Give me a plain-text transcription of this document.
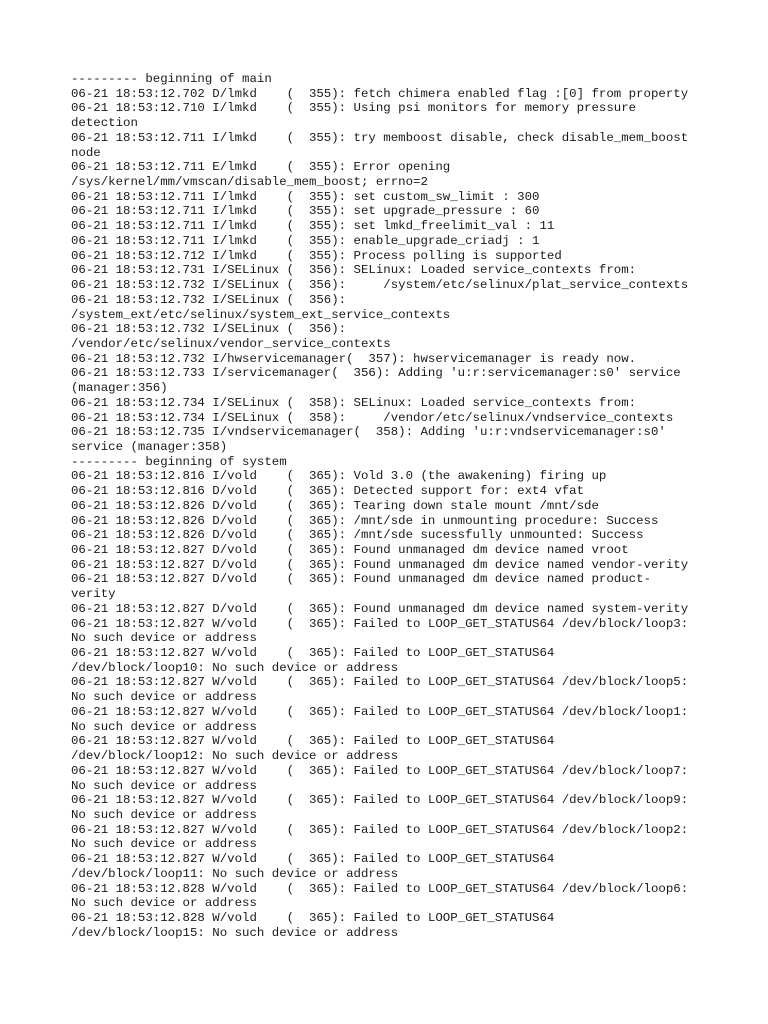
--------- beginning of main
06-21 18:53:12.702 D/lmkd    (  355): fetch chimera enabled flag :[0] from property
06-21 18:53:12.710 I/lmkd    (  355): Using psi monitors for memory pressure
detection
06-21 18:53:12.711 I/lmkd    (  355): try memboost disable, check disable_mem_boost
node
06-21 18:53:12.711 E/lmkd    (  355): Error opening
/sys/kernel/mm/vmscan/disable_mem_boost; errno=2
06-21 18:53:12.711 I/lmkd    (  355): set custom_sw_limit : 300
06-21 18:53:12.711 I/lmkd    (  355): set upgrade_pressure : 60
06-21 18:53:12.711 I/lmkd    (  355): set lmkd_freelimit_val : 11
06-21 18:53:12.711 I/lmkd    (  355): enable_upgrade_criadj : 1
06-21 18:53:12.712 I/lmkd    (  355): Process polling is supported
06-21 18:53:12.731 I/SELinux (  356): SELinux: Loaded service_contexts from:
06-21 18:53:12.732 I/SELinux (  356):     /system/etc/selinux/plat_service_contexts
06-21 18:53:12.732 I/SELinux (  356):
/system_ext/etc/selinux/system_ext_service_contexts
06-21 18:53:12.732 I/SELinux (  356):
/vendor/etc/selinux/vendor_service_contexts
06-21 18:53:12.732 I/hwservicemanager(  357): hwservicemanager is ready now.
06-21 18:53:12.733 I/servicemanager(  356): Adding 'u:r:servicemanager:s0' service
(manager:356)
06-21 18:53:12.734 I/SELinux (  358): SELinux: Loaded service_contexts from:
06-21 18:53:12.734 I/SELinux (  358):     /vendor/etc/selinux/vndservice_contexts
06-21 18:53:12.735 I/vndservicemanager(  358): Adding 'u:r:vndservicemanager:s0'
service (manager:358)
--------- beginning of system
06-21 18:53:12.816 I/vold    (  365): Vold 3.0 (the awakening) firing up
06-21 18:53:12.816 D/vold    (  365): Detected support for: ext4 vfat
06-21 18:53:12.826 D/vold    (  365): Tearing down stale mount /mnt/sde
06-21 18:53:12.826 D/vold    (  365): /mnt/sde in unmounting procedure: Success
06-21 18:53:12.826 D/vold    (  365): /mnt/sde sucessfully unmounted: Success
06-21 18:53:12.827 D/vold    (  365): Found unmanaged dm device named vroot
06-21 18:53:12.827 D/vold    (  365): Found unmanaged dm device named vendor-verity
06-21 18:53:12.827 D/vold    (  365): Found unmanaged dm device named product-
verity
06-21 18:53:12.827 D/vold    (  365): Found unmanaged dm device named system-verity
06-21 18:53:12.827 W/vold    (  365): Failed to LOOP_GET_STATUS64 /dev/block/loop3:
No such device or address
06-21 18:53:12.827 W/vold    (  365): Failed to LOOP_GET_STATUS64
/dev/block/loop10: No such device or address
06-21 18:53:12.827 W/vold    (  365): Failed to LOOP_GET_STATUS64 /dev/block/loop5:
No such device or address
06-21 18:53:12.827 W/vold    (  365): Failed to LOOP_GET_STATUS64 /dev/block/loop1:
No such device or address
06-21 18:53:12.827 W/vold    (  365): Failed to LOOP_GET_STATUS64
/dev/block/loop12: No such device or address
06-21 18:53:12.827 W/vold    (  365): Failed to LOOP_GET_STATUS64 /dev/block/loop7:
No such device or address
06-21 18:53:12.827 W/vold    (  365): Failed to LOOP_GET_STATUS64 /dev/block/loop9:
No such device or address
06-21 18:53:12.827 W/vold    (  365): Failed to LOOP_GET_STATUS64 /dev/block/loop2:
No such device or address
06-21 18:53:12.827 W/vold    (  365): Failed to LOOP_GET_STATUS64
/dev/block/loop11: No such device or address
06-21 18:53:12.828 W/vold    (  365): Failed to LOOP_GET_STATUS64 /dev/block/loop6:
No such device or address
06-21 18:53:12.828 W/vold    (  365): Failed to LOOP_GET_STATUS64
/dev/block/loop15: No such device or address
